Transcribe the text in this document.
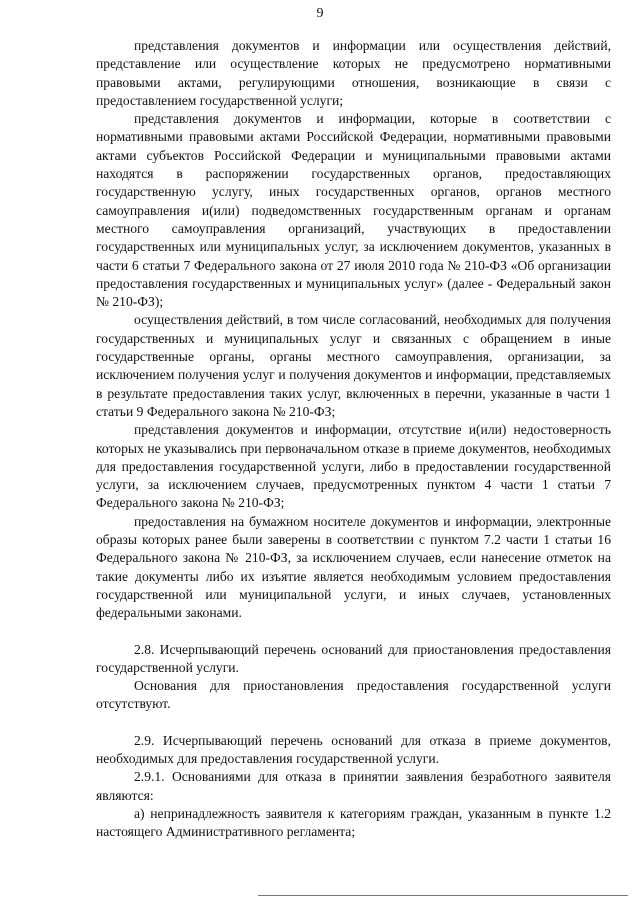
9

представления документов и информации или осуществления действий, представление или осуществление которых не предусмотрено нормативными правовыми актами, регулирующими отношения, возникающие в связи с предоставлением государственной услуги;

представления документов и информации, которые в соответствии с нормативными правовыми актами Российской Федерации, нормативными правовыми актами субъектов Российской Федерации и муниципальными правовыми актами находятся в распоряжении государственных органов, предоставляющих государственную услугу, иных государственных органов, органов местного самоуправления и(или) подведомственных государственным органам и органам местного самоуправления организаций, участвующих в предоставлении государственных или муниципальных услуг, за исключением документов, указанных в части 6 статьи 7 Федерального закона от 27 июля 2010 года № 210-ФЗ «Об организации предоставления государственных и муниципальных услуг» (далее - Федеральный закон № 210-ФЗ);

осуществления действий, в том числе согласований, необходимых для получения государственных и муниципальных услуг и связанных с обращением в иные государственные органы, органы местного самоуправления, организации, за исключением получения услуг и получения документов и информации, представляемых в результате предоставления таких услуг, включенных в перечни, указанные в части 1 статьи 9 Федерального закона № 210-ФЗ;

представления документов и информации, отсутствие и(или) недостоверность которых не указывались при первоначальном отказе в приеме документов, необходимых для предоставления государственной услуги, либо в предоставлении государственной услуги, за исключением случаев, предусмотренных пунктом 4 части 1 статьи 7 Федерального закона № 210-ФЗ;

предоставления на бумажном носителе документов и информации, электронные образы которых ранее были заверены в соответствии с пунктом 7.2 части 1 статьи 16 Федерального закона № 210-ФЗ, за исключением случаев, если нанесение отметок на такие документы либо их изъятие является необходимым условием предоставления государственной или муниципальной услуги, и иных случаев, установленных федеральными законами.

2.8. Исчерпывающий перечень оснований для приостановления предоставления государственной услуги.

Основания для приостановления предоставления государственной услуги отсутствуют.

2.9. Исчерпывающий перечень оснований для отказа в приеме документов, необходимых для предоставления государственной услуги.

2.9.1. Основаниями для отказа в принятии заявления безработного заявителя являются:

а) непринадлежность заявителя к категориям граждан, указанным в пункте 1.2 настоящего Административного регламента;
